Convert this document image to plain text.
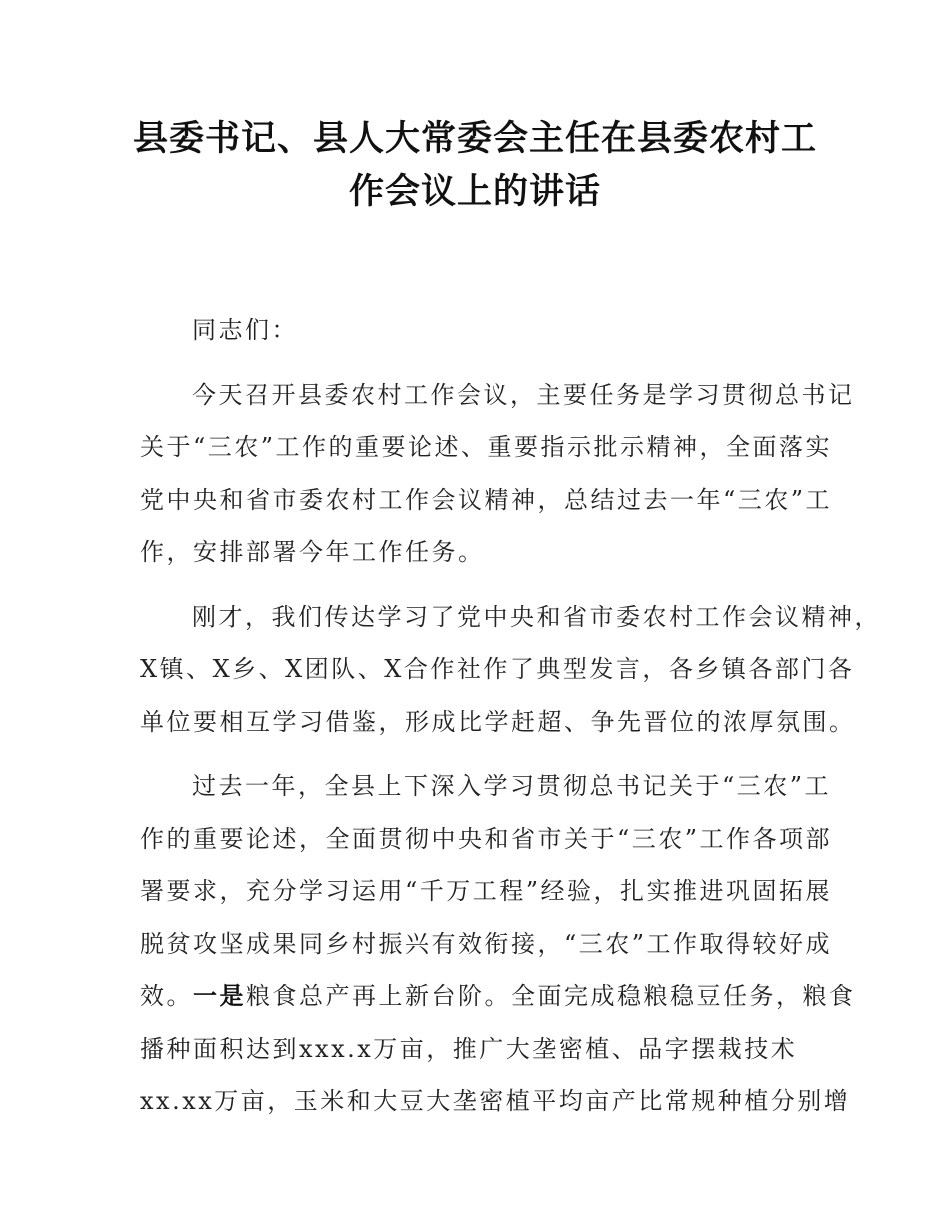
县委书记、县人大常委会主任在县委农村工
作会议上的讲话

同志们：

今天召开县委农村工作会议，主要任务是学习贯彻总书记
关于“三农”工作的重要论述、重要指示批示精神，全面落实
党中央和省市委农村工作会议精神，总结过去一年“三农”工
作，安排部署今年工作任务。

刚才，我们传达学习了党中央和省市委农村工作会议精神，
X镇、X乡、X团队、X合作社作了典型发言，各乡镇各部门各
单位要相互学习借鉴，形成比学赶超、争先晋位的浓厚氛围。

过去一年，全县上下深入学习贯彻总书记关于“三农”工
作的重要论述，全面贯彻中央和省市关于“三农”工作各项部
署要求，充分学习运用“千万工程”经验，扎实推进巩固拓展
脱贫攻坚成果同乡村振兴有效衔接，“三农”工作取得较好成
效。一是粮食总产再上新台阶。全面完成稳粮稳豆任务，粮食
播种面积达到xxx.x万亩，推广大垄密植、品字摆栽技术
xx.xx万亩，玉米和大豆大垄密植平均亩产比常规种植分别增
